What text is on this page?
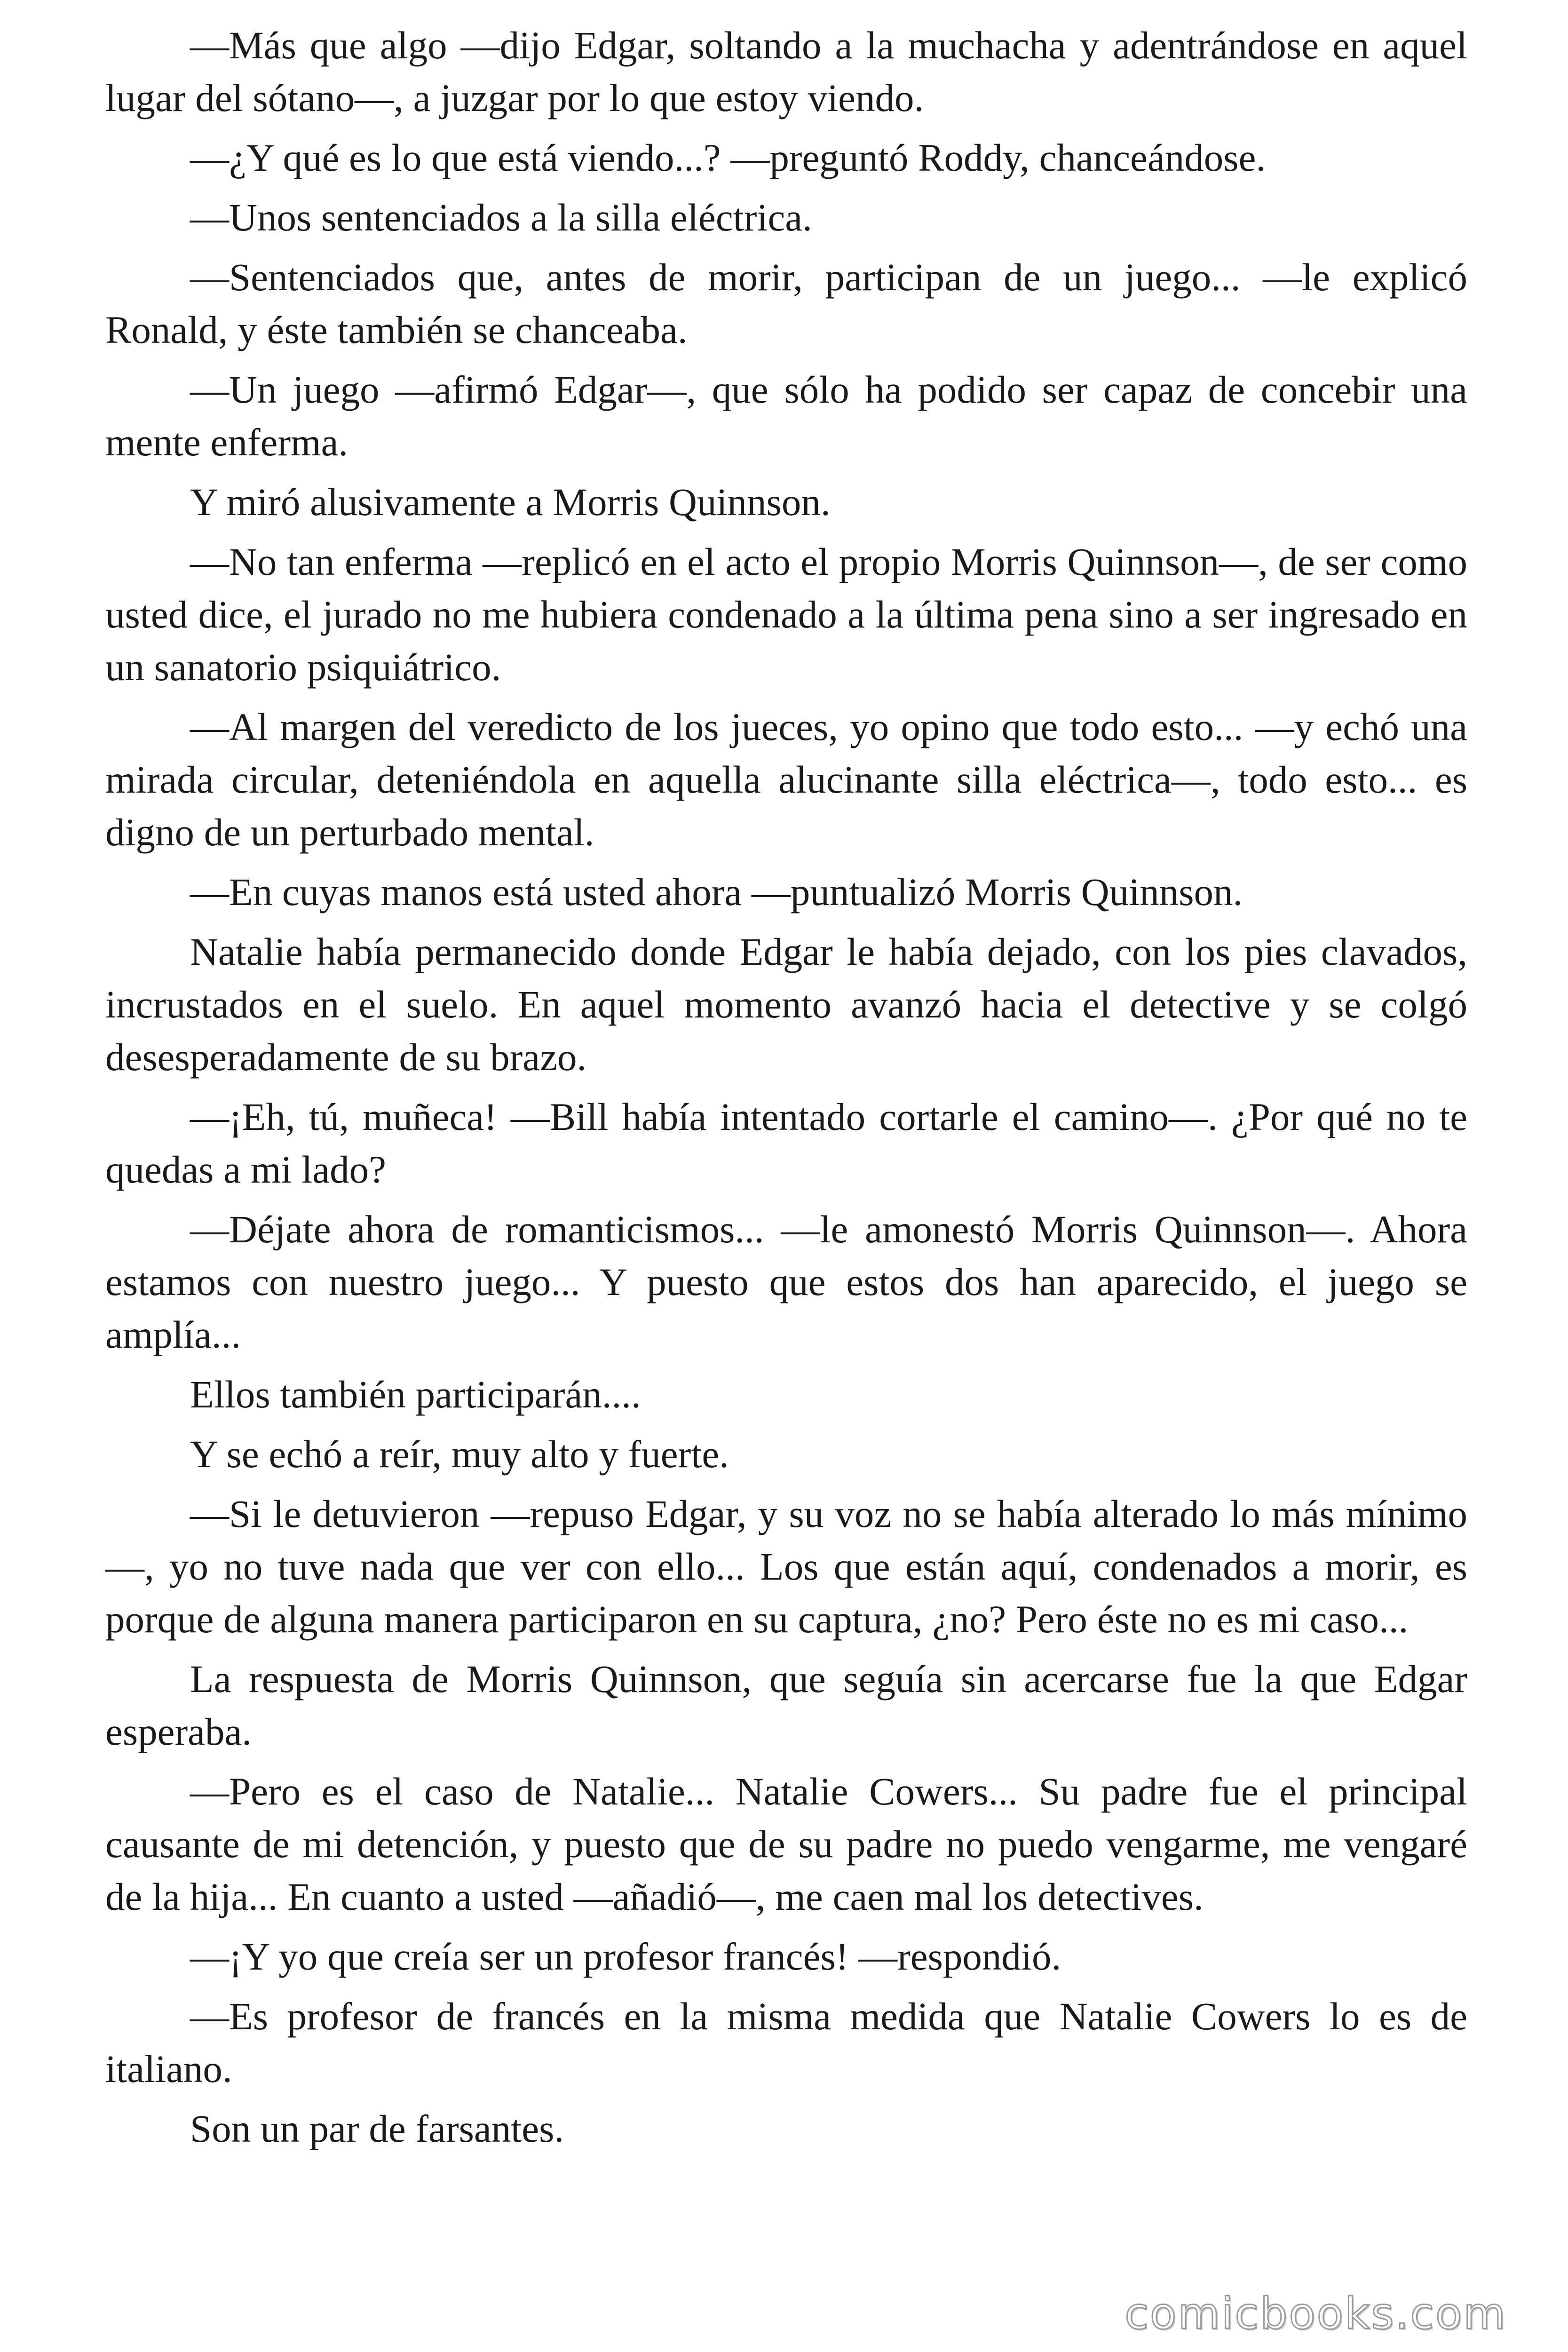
—Más que algo —dijo Edgar, soltando a la muchacha y adentrándose en aquel lugar del sótano—, a juzgar por lo que estoy viendo.

—¿Y qué es lo que está viendo...? —preguntó Roddy, chanceándose.

—Unos sentenciados a la silla eléctrica.

—Sentenciados que, antes de morir, participan de un juego... —le explicó Ronald, y éste también se chanceaba.

—Un juego —afirmó Edgar—, que sólo ha podido ser capaz de concebir una mente enferma.

Y miró alusivamente a Morris Quinnson.

—No tan enferma —replicó en el acto el propio Morris Quinnson—, de ser como usted dice, el jurado no me hubiera condenado a la última pena sino a ser ingresado en un sanatorio psiquiátrico.

—Al margen del veredicto de los jueces, yo opino que todo esto... —y echó una mirada circular, deteniéndola en aquella alucinante silla eléctrica—, todo esto... es digno de un perturbado mental.

—En cuyas manos está usted ahora —puntualizó Morris Quinnson.

Natalie había permanecido donde Edgar le había dejado, con los pies clavados, incrustados en el suelo. En aquel momento avanzó hacia el detective y se colgó desesperadamente de su brazo.

—¡Eh, tú, muñeca! —Bill había intentado cortarle el camino—. ¿Por qué no te quedas a mi lado?

—Déjate ahora de romanticismos... —le amonestó Morris Quinnson—. Ahora estamos con nuestro juego... Y puesto que estos dos han aparecido, el juego se amplía...

Ellos también participarán....

Y se echó a reír, muy alto y fuerte.

—Si le detuvieron —repuso Edgar, y su voz no se había alterado lo más mínimo—, yo no tuve nada que ver con ello... Los que están aquí, condenados a morir, es porque de alguna manera participaron en su captura, ¿no? Pero éste no es mi caso...

La respuesta de Morris Quinnson, que seguía sin acercarse fue la que Edgar esperaba.

—Pero es el caso de Natalie... Natalie Cowers... Su padre fue el principal causante de mi detención, y puesto que de su padre no puedo vengarme, me vengaré de la hija... En cuanto a usted —añadió—, me caen mal los detectives.

—¡Y yo que creía ser un profesor francés! —respondió.

—Es profesor de francés en la misma medida que Natalie Cowers lo es de italiano.

Son un par de farsantes.

comicbooks.com
